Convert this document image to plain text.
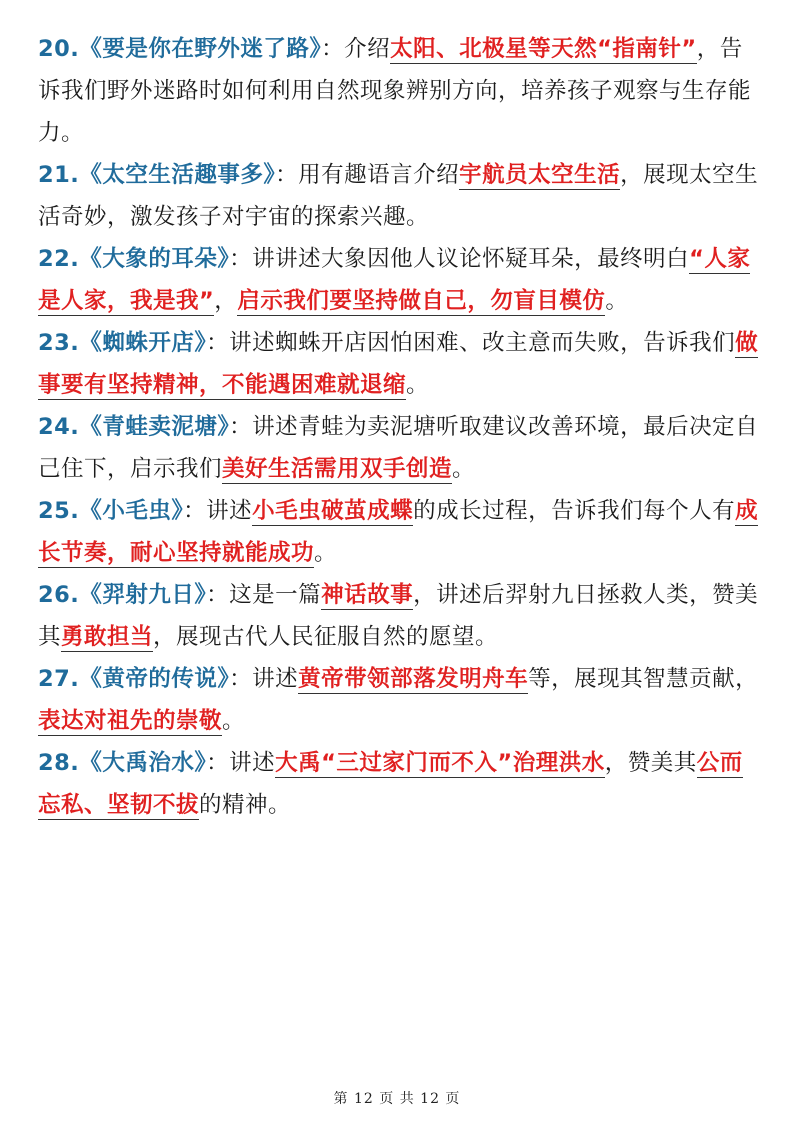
20.《要是你在野外迷了路》：介绍太阳、北极星等天然“指南针”，告诉我们野外迷路时如何利用自然现象辨别方向，培养孩子观察与生存能力。
21.《太空生活趣事多》：用有趣语言介绍宇航员太空生活，展现太空生活奇妙，激发孩子对宇宙的探索兴趣。
22.《大象的耳朵》：讲讲述大象因他人议论怀疑耳朵，最终明白“人家是人家，我是我”，启示我们要坚持做自己，勿盲目模仿。
23.《蜘蛛开店》：讲述蜘蛛开店因怕困难、改主意而失败，告诉我们做事要有坚持精神，不能遇困难就退缩。
24.《青蛙卖泥塘》：讲述青蛙为卖泥塘听取建议改善环境，最后决定自己住下，启示我们美好生活需用双手创造。
25.《小毛虫》：讲述小毛虫破茧成蝶的成长过程，告诉我们每个人有成长节奏，耐心坚持就能成功。
26.《羿射九日》：这是一篇神话故事，讲述后羿射九日拯救人类，赞美其勇敢担当，展现古代人民征服自然的愿望。
27.《黄帝的传说》：讲述黄帝带领部落发明舟车等，展现其智慧贡献，表达对祖先的崇敬。
28.《大禹治水》：讲述大禹“三过家门而不入”治理洪水，赞美其公而忘私、坚韧不拔的精神。
第 12 页 共 12 页
